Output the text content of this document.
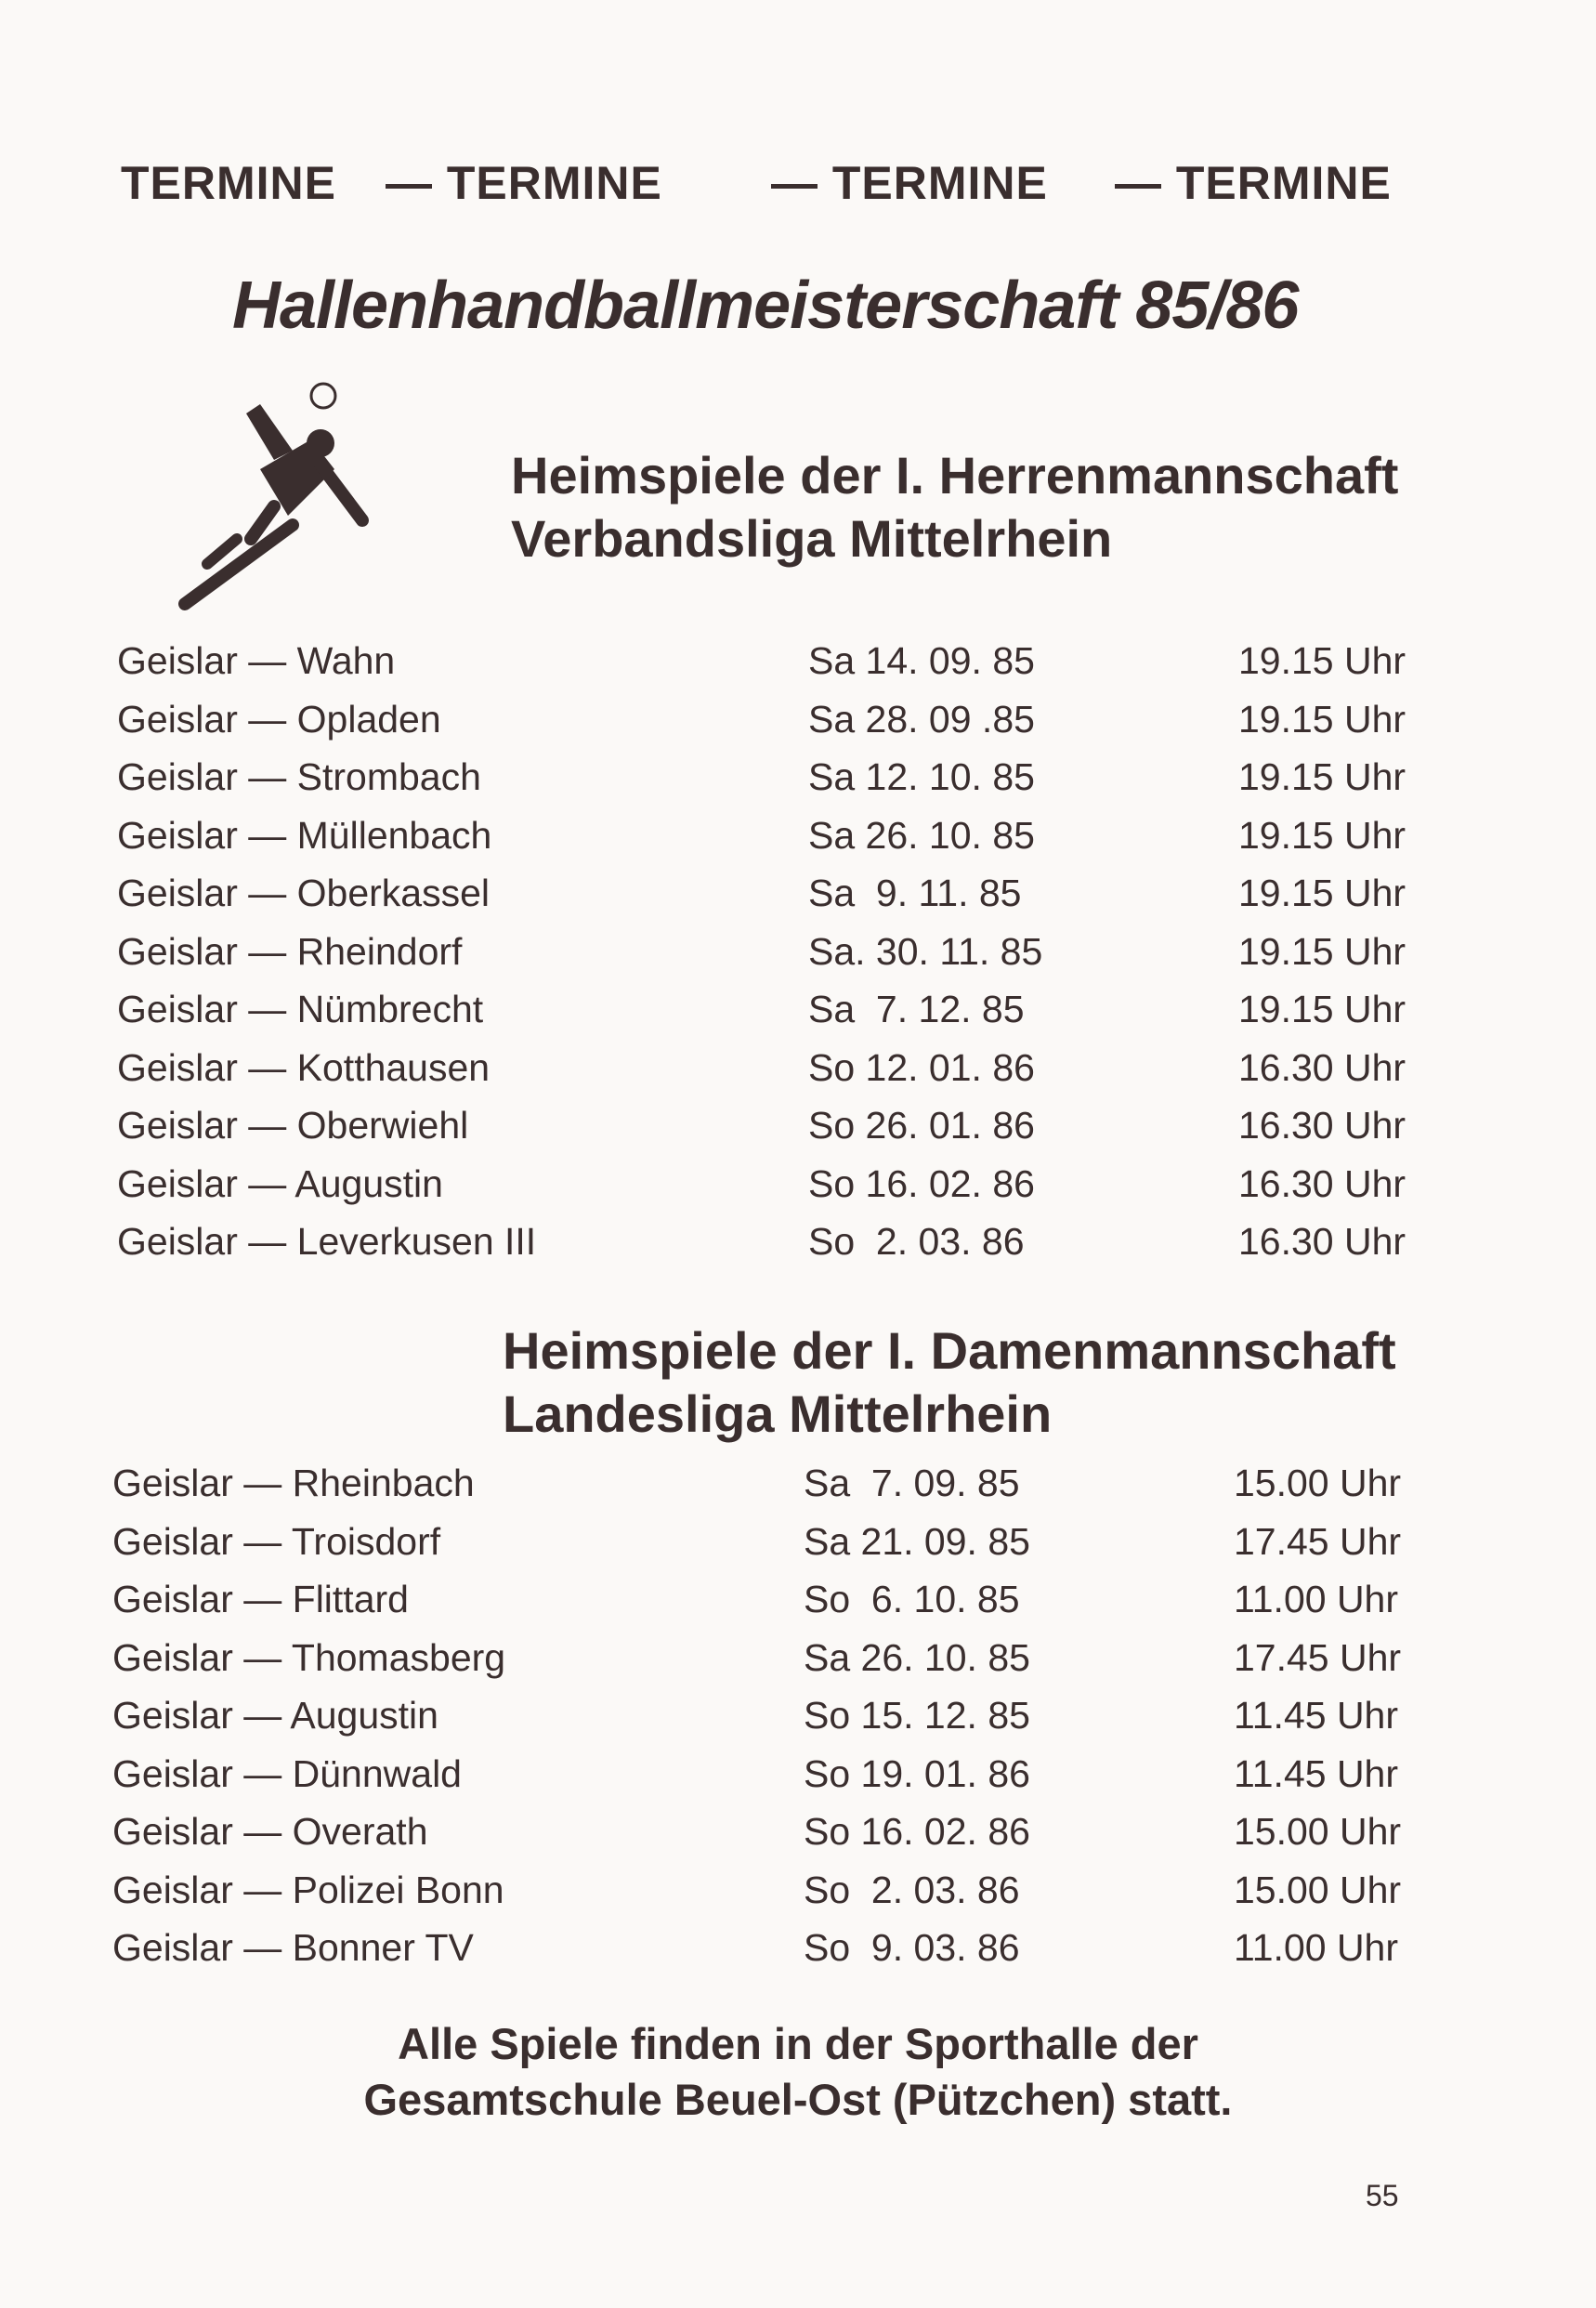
TERMINE — TERMINE — TERMINE — TERMINE
Hallenhandballmeisterschaft 85/86
Heimspiele der I. Herrenmannschaft
Verbandsliga Mittelrhein
Geislar — Wahn	Sa 14. 09. 85	19.15 Uhr
Geislar — Opladen	Sa 28. 09 .85	19.15 Uhr
Geislar — Strombach	Sa 12. 10. 85	19.15 Uhr
Geislar — Müllenbach	Sa 26. 10. 85	19.15 Uhr
Geislar — Oberkassel	Sa  9. 11. 85	19.15 Uhr
Geislar — Rheindorf	Sa. 30. 11. 85	19.15 Uhr
Geislar — Nümbrecht	Sa  7. 12. 85	19.15 Uhr
Geislar — Kotthausen	So 12. 01. 86	16.30 Uhr
Geislar — Oberwiehl	So 26. 01. 86	16.30 Uhr
Geislar — Augustin	So 16. 02. 86	16.30 Uhr
Geislar — Leverkusen III	So  2. 03. 86	16.30 Uhr
Heimspiele der I. Damenmannschaft
Landesliga Mittelrhein
Geislar — Rheinbach	Sa  7. 09. 85	15.00 Uhr
Geislar — Troisdorf	Sa 21. 09. 85	17.45 Uhr
Geislar — Flittard	So  6. 10. 85	11.00 Uhr
Geislar — Thomasberg	Sa 26. 10. 85	17.45 Uhr
Geislar — Augustin	So 15. 12. 85	11.45 Uhr
Geislar — Dünnwald	So 19. 01. 86	11.45 Uhr
Geislar — Overath	So 16. 02. 86	15.00 Uhr
Geislar — Polizei Bonn	So  2. 03. 86	15.00 Uhr
Geislar — Bonner TV	So  9. 03. 86	11.00 Uhr
Alle Spiele finden in der Sporthalle der
Gesamtschule Beuel-Ost (Pützchen) statt.
55
